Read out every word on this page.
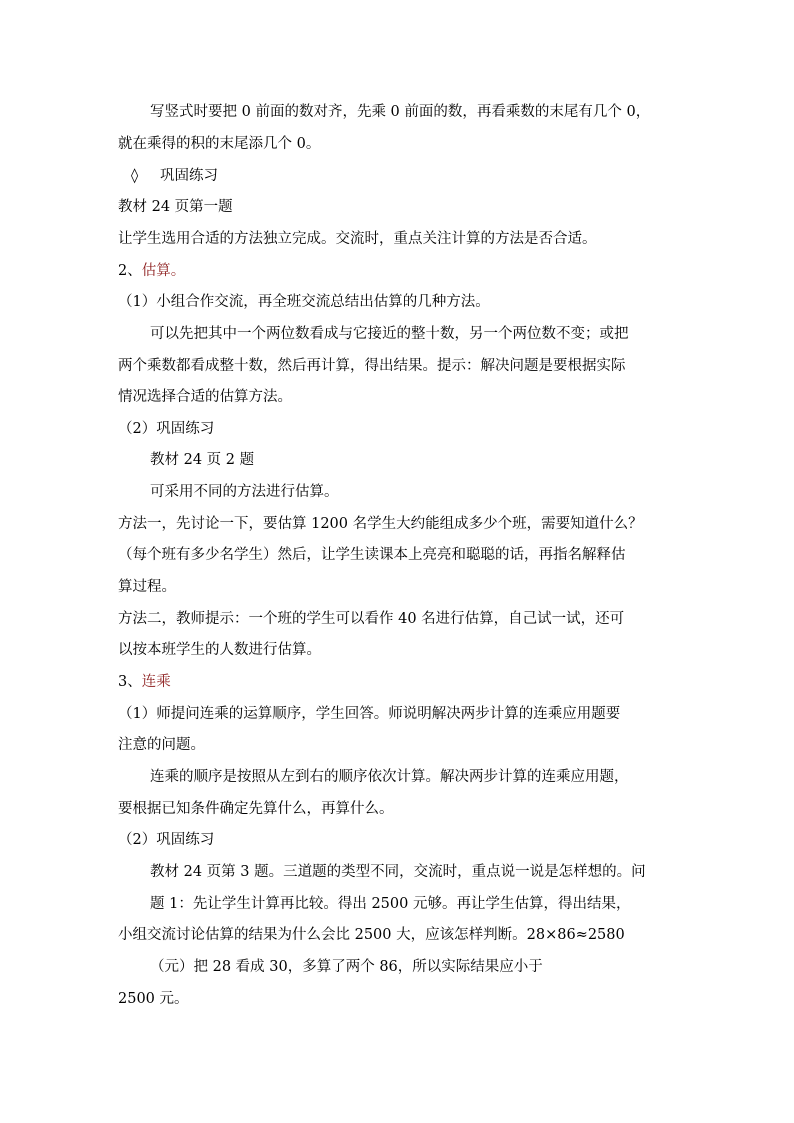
写竖式时要把 0 前面的数对齐，先乘 0 前面的数，再看乘数的末尾有几个 0，
就在乘得的积的末尾添几个 0。
◊ 巩固练习
教材 24 页第一题
让学生选用合适的方法独立完成。交流时，重点关注计算的方法是否合适。
2、估算。
（1）小组合作交流，再全班交流总结出估算的几种方法。
可以先把其中一个两位数看成与它接近的整十数，另一个两位数不变；或把
两个乘数都看成整十数，然后再计算，得出结果。提示：解决问题是要根据实际
情况选择合适的估算方法。
（2）巩固练习
教材 24 页 2 题
可采用不同的方法进行估算。
方法一，先讨论一下，要估算 1200 名学生大约能组成多少个班，需要知道什么？
（每个班有多少名学生）然后，让学生读课本上亮亮和聪聪的话，再指名解释估
算过程。
方法二，教师提示：一个班的学生可以看作 40 名进行估算，自己试一试，还可
以按本班学生的人数进行估算。
3、连乘
（1）师提问连乘的运算顺序，学生回答。师说明解决两步计算的连乘应用题要
注意的问题。
连乘的顺序是按照从左到右的顺序依次计算。解决两步计算的连乘应用题，
要根据已知条件确定先算什么，再算什么。
（2）巩固练习
教材 24 页第 3 题。三道题的类型不同，交流时，重点说一说是怎样想的。问
题 1：先让学生计算再比较。得出 2500 元够。再让学生估算，得出结果，
小组交流讨论估算的结果为什么会比 2500 大，应该怎样判断。28×86≈2580
（元）把 28 看成 30，多算了两个 86，所以实际结果应小于
2500 元。
